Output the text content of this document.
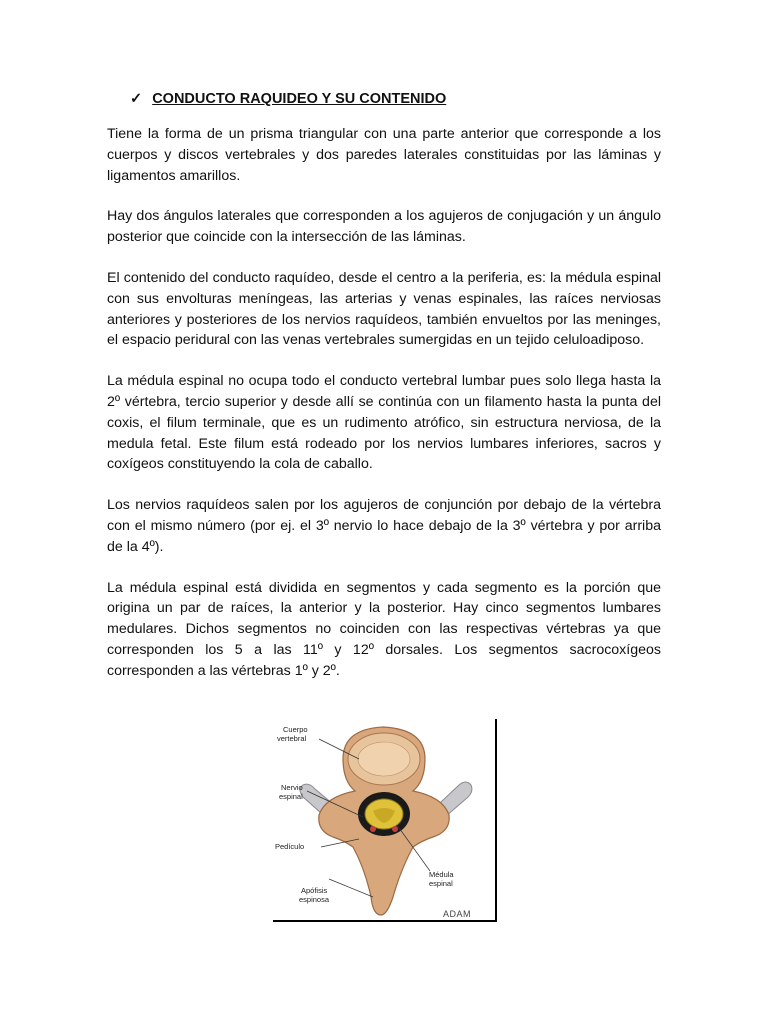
✓ CONDUCTO RAQUIDEO Y SU CONTENIDO

Tiene la forma de un prisma triangular con una parte anterior que corresponde a los cuerpos y discos vertebrales y dos paredes laterales constituidas por las láminas y ligamentos amarillos.

Hay dos ángulos laterales que corresponden a los agujeros de conjugación y un ángulo posterior que coincide con la intersección de las láminas.

El contenido del conducto raquídeo, desde el centro a la periferia, es: la médula espinal con sus envolturas meníngeas, las arterias y venas espinales, las raíces nerviosas anteriores y posteriores de los nervios raquídeos, también envueltos por las meninges, el espacio peridural con las venas vertebrales sumergidas en un tejido celuloadiposo.

La médula espinal no ocupa todo el conducto vertebral lumbar pues solo llega hasta la 2º vértebra, tercio superior y desde allí se continúa con un filamento hasta la punta del coxis, el filum terminale, que es un rudimento atrófico, sin estructura nerviosa, de la medula fetal. Este filum está rodeado por los nervios lumbares inferiores, sacros y coxígeos constituyendo la cola de caballo.

Los nervios raquídeos salen por los agujeros de conjunción por debajo de la vértebra con el mismo número (por ej. el 3º nervio lo hace debajo de la 3º vértebra y por arriba de la 4º).

La médula espinal está dividida en segmentos y cada segmento es la porción que origina un par de raíces, la anterior y la posterior. Hay cinco segmentos lumbares medulares. Dichos segmentos no coinciden con las respectivas vértebras ya que corresponden los 5 a las 11º y 12º dorsales. Los segmentos sacrocoxígeos corresponden a las vértebras 1º y 2º.

Cuerpo
vertebral
Nervio
espinal
Pedículo
Médula
espinal
Apófisis
espinosa
ADAM
